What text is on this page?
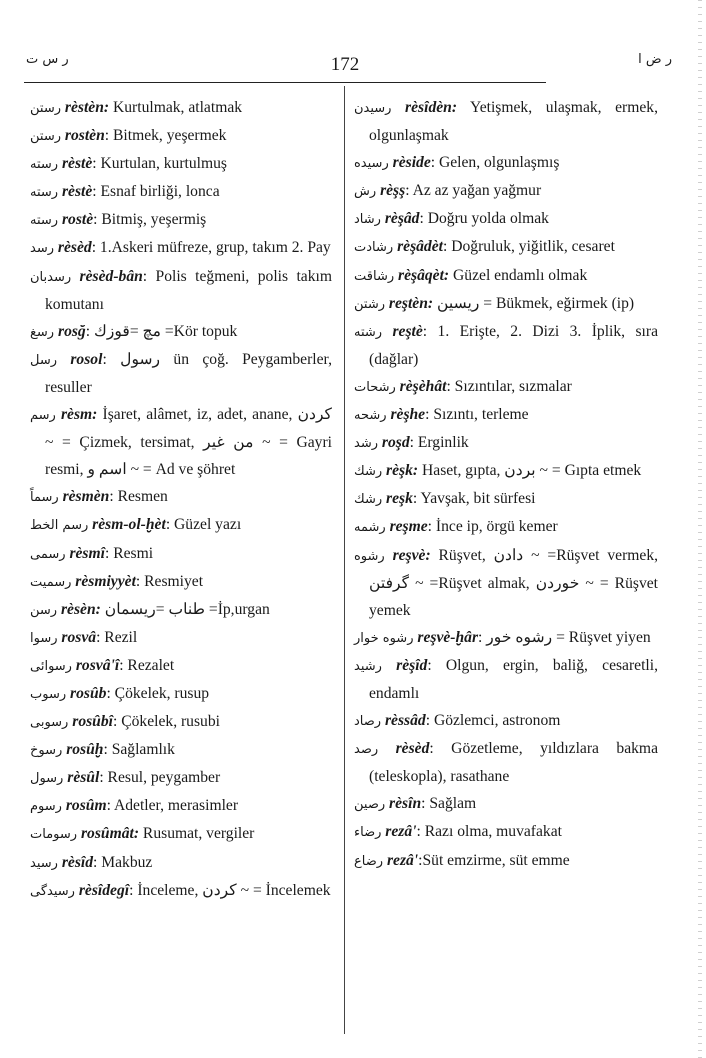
ر س ت	172	ر ض ا
رستن rèstèn: Kurtulmak, atlatmak
رستن rostèn: Bitmek, yeşermek
رسته rèstè: Kurtulan, kurtulmuş
رسته rèstè: Esnaf birliği, lonca
رسته rostè: Bitmiş, yeşermiş
رسد rèsèd: 1.Askeri müfreze, grup, takım 2. Pay
رسدبان rèsèd-bân: Polis teğmeni, polis takım komutanı
رسغ rosğ: مچ =قوزك =Kör topuk
رسل rosol: رسول ün çoğ. Peygamberler, resuller
رسم rèsm: İşaret, alâmet, iz, adet, anane, كردن ~ = Çizmek, tersimat, من غير ~ = Gayri resmi, اسم و ~ = Ad ve şöhret
رسماً rèsmèn: Resmen
رسم الخط rèsm-ol-ḫèt: Güzel yazı
رسمى rèsmî: Resmi
رسميت rèsmiyyèt: Resmiyet
رسن rèsèn: طناب =ريسمان =İp,urgan
رسوا rosvâ: Rezil
رسوائى rosvâ'î: Rezalet
رسوب rosûb: Çökelek, rusup
رسوبى rosûbî: Çökelek, rusubi
رسوخ rosûḫ: Sağlamlık
رسول rèsûl: Resul, peygamber
رسوم rosûm: Adetler, merasimler
رسومات rosûmât: Rusumat, vergiler
رسيد rèsîd: Makbuz
رسيدگى rèsîdegî: İnceleme, كردن ~ = İncelemek
رسيدن rèsîdèn: Yetişmek, ulaşmak, ermek, olgunlaşmak
رسيده rèside: Gelen, olgunlaşmış
رش rèşş: Az az yağan yağmur
رشاد rèşâd: Doğru yolda olmak
رشادت rèşâdèt: Doğruluk, yiğitlik, cesaret
رشاقت rèşâqèt: Güzel endamlı olmak
رشتن reştèn: ريسين = Bükmek, eğirmek (ip)
رشته reştè: 1. Erişte, 2. Dizi 3. İplik, sıra (dağlar)
رشحات rèşèhât: Sızıntılar, sızmalar
رشحه rèşhe: Sızıntı, terleme
رشد roşd: Erginlik
رشك rèşk: Haset, gıpta, بردن ~ = Gıpta etmek
رشك reşk: Yavşak, bit sürfesi
رشمه reşme: İnce ip, örgü kemer
رشوه reşvè: Rüşvet, دادن ~ =Rüşvet vermek, گرفتن ~ =Rüşvet almak, خوردن ~ = Rüşvet yemek
رشوه خوار reşvè-ḫâr: رشوه خور = Rüşvet yiyen
رشيد rèşîd: Olgun, ergin, baliğ, cesaretli, endamlı
رصاد rèssâd: Gözlemci, astronom
رصد rèsèd: Gözetleme, yıldızlara bakma (teleskopla), rasathane
رصين rèsîn: Sağlam
رضاء rezâ': Razı olma, muvafakat
رضاع rezâ':Süt emzirme, süt emme
